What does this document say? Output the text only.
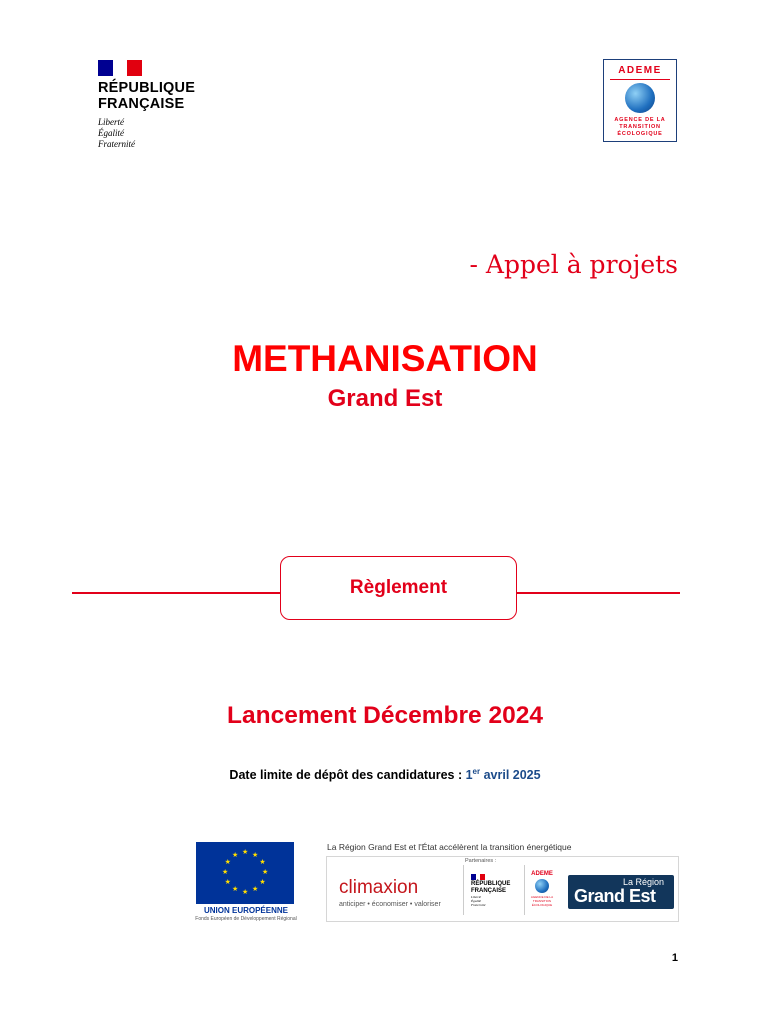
RÉPUBLIQUE
FRANÇAISE
Liberté
Égalité
Fraternité
ADEME
AGENCE DE LA
TRANSITION
ÉCOLOGIQUE
- Appel à projets
METHANISATION
Grand Est
Règlement
Lancement Décembre 2024
Date limite de dépôt des candidatures : 1er avril 2025
★ ★
★
★
★
★
★
★
★
★
★
★
UNION EUROPÉENNE
Fonds Européen de Développement Régional
La Région Grand Est et l'État accélèrent la transition énergétique
Partenaires :
climaxion
anticiper • économiser • valoriser
RÉPUBLIQUE
FRANÇAISE
Liberté
Égalité
Fraternité
ADEME
AGENCE DE LA TRANSITION ÉCOLOGIQUE
La Région
Grand Est
1
